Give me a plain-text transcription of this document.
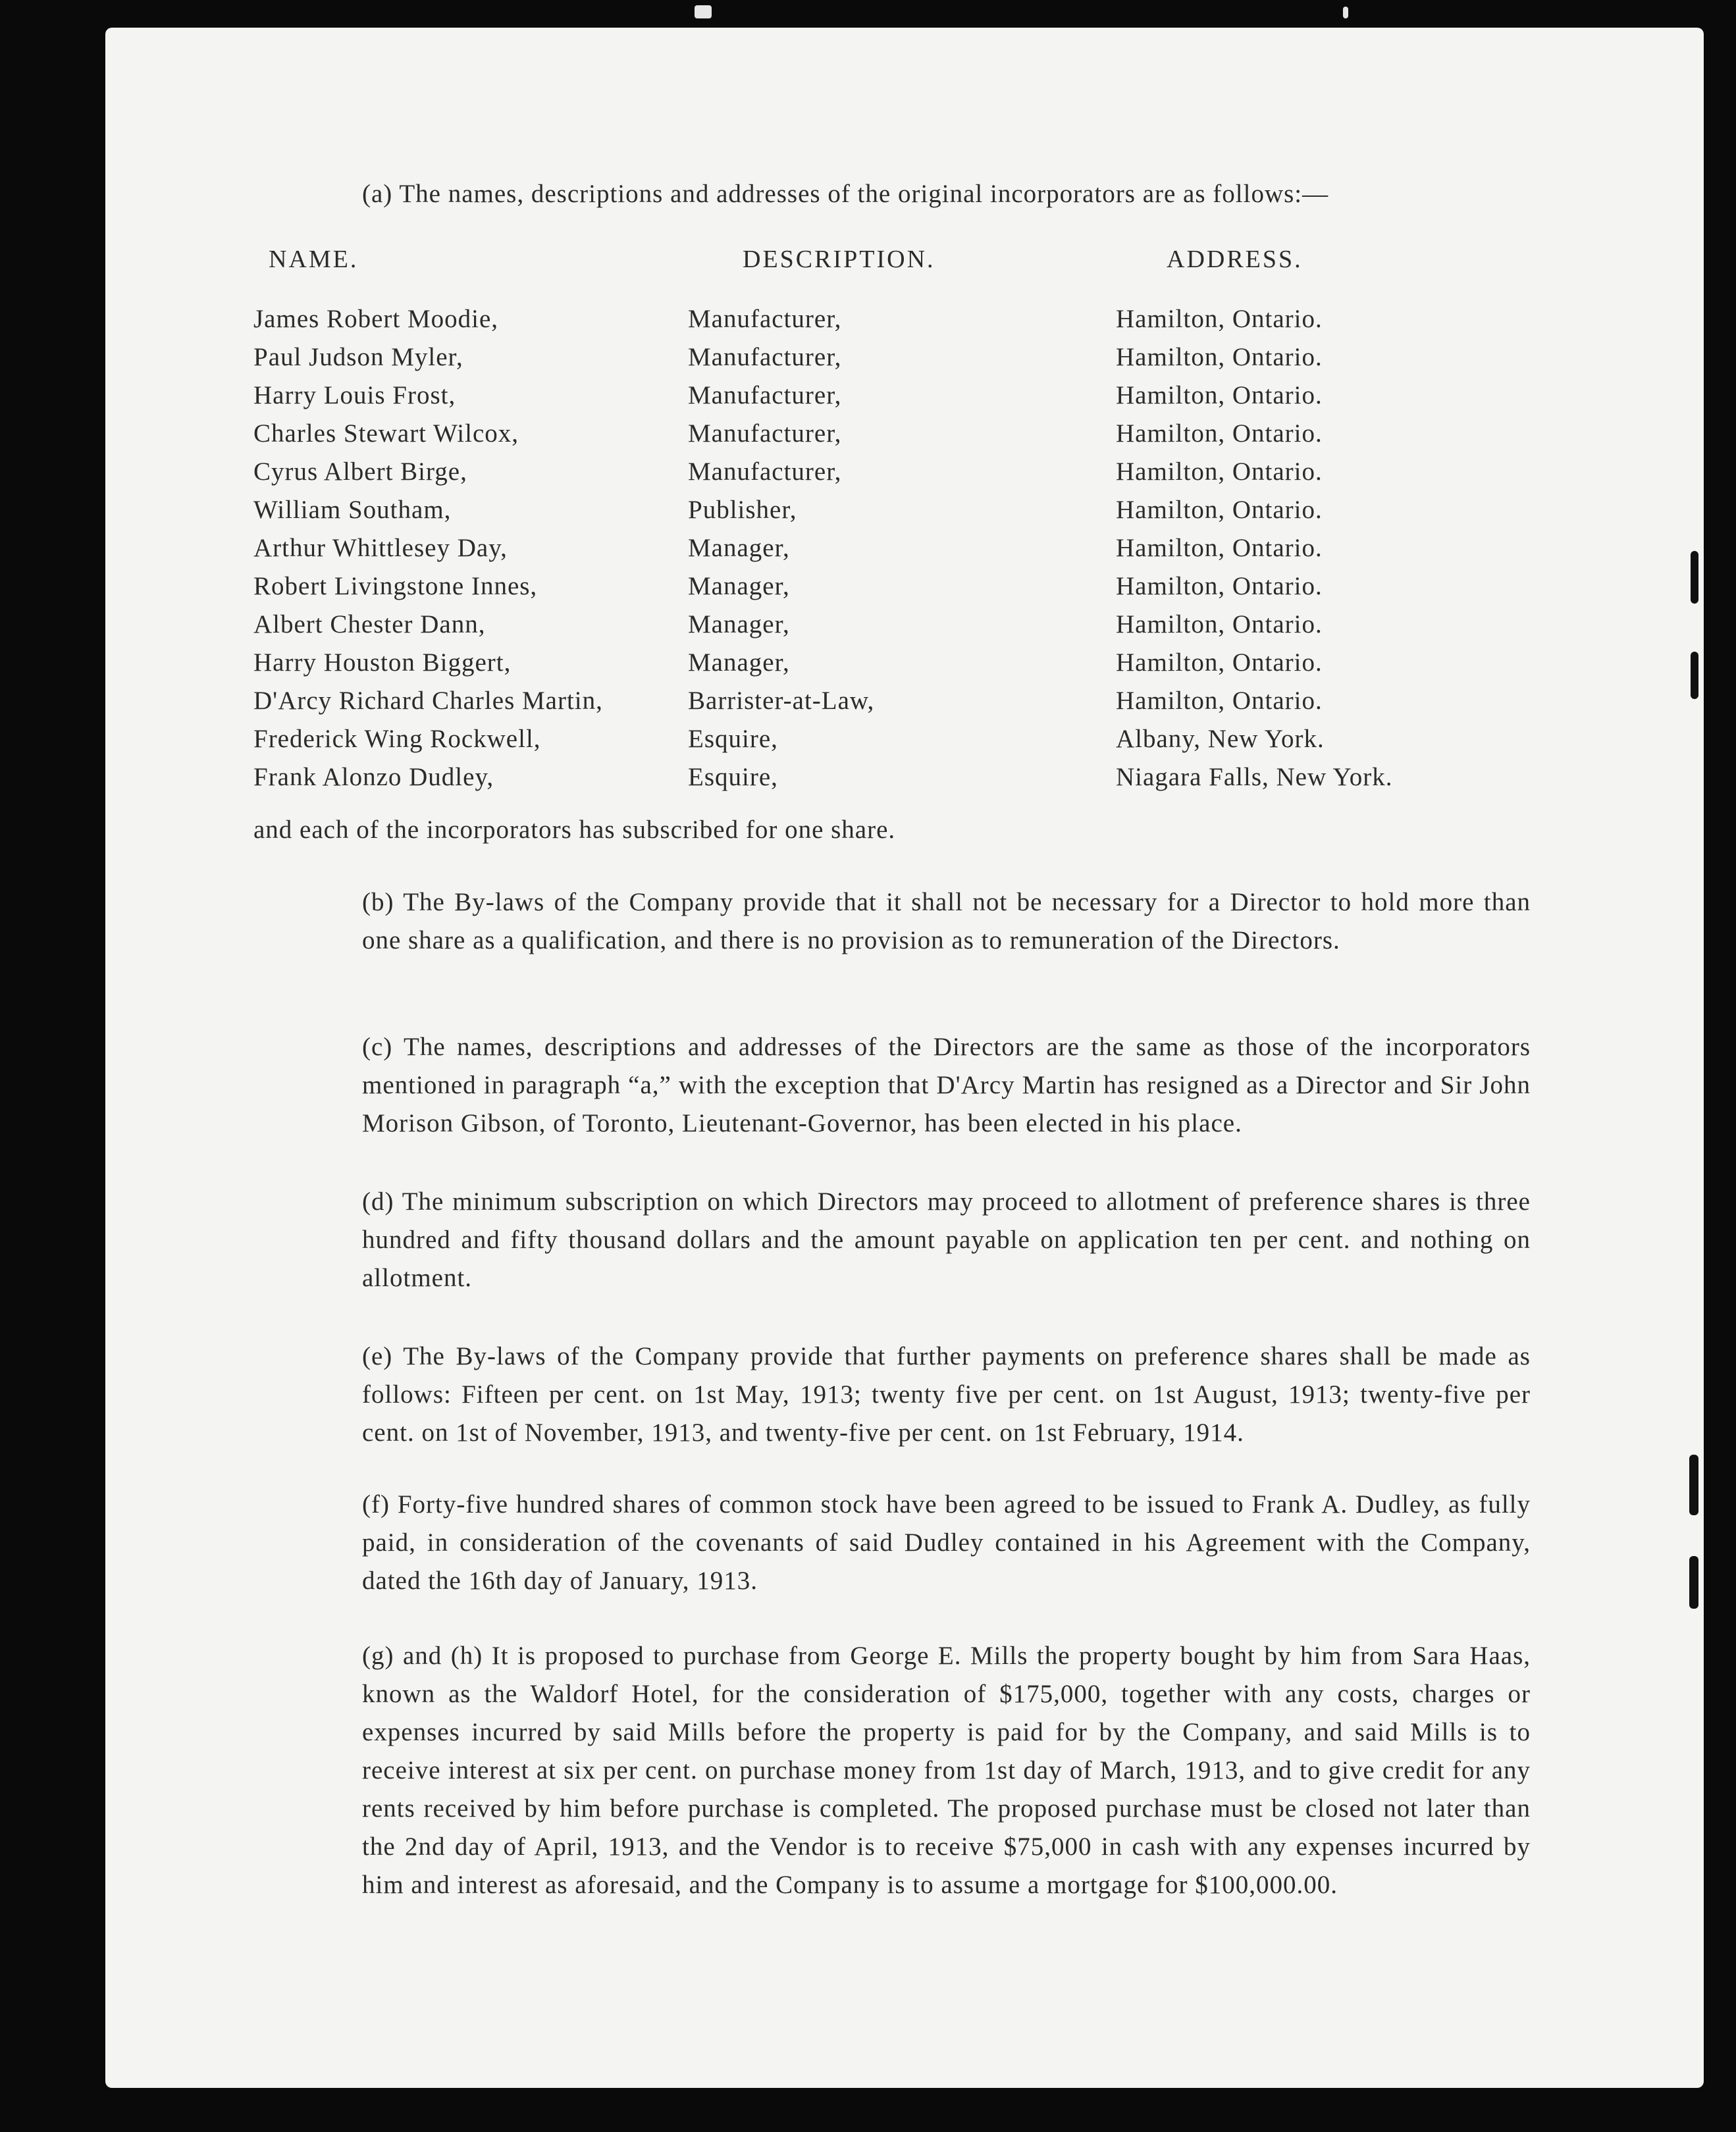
(a) The names, descriptions and addresses of the original incorporators are as follows:—
NAME.	DESCRIPTION.	ADDRESS.
James Robert Moodie,	Manufacturer,	Hamilton, Ontario.
Paul Judson Myler,	Manufacturer,	Hamilton, Ontario.
Harry Louis Frost,	Manufacturer,	Hamilton, Ontario.
Charles Stewart Wilcox,	Manufacturer,	Hamilton, Ontario.
Cyrus Albert Birge,	Manufacturer,	Hamilton, Ontario.
William Southam,	Publisher,	Hamilton, Ontario.
Arthur Whittlesey Day,	Manager,	Hamilton, Ontario.
Robert Livingstone Innes,	Manager,	Hamilton, Ontario.
Albert Chester Dann,	Manager,	Hamilton, Ontario.
Harry Houston Biggert,	Manager,	Hamilton, Ontario.
D'Arcy Richard Charles Martin,	Barrister-at-Law,	Hamilton, Ontario.
Frederick Wing Rockwell,	Esquire,	Albany, New York.
Frank Alonzo Dudley,	Esquire,	Niagara Falls, New York.
and each of the incorporators has subscribed for one share.
(b) The By-laws of the Company provide that it shall not be necessary for a Director to hold more than one share as a qualification, and there is no provision as to remuneration of the Directors.
(c) The names, descriptions and addresses of the Directors are the same as those of the incorporators mentioned in paragraph “a,” with the exception that D'Arcy Martin has resigned as a Director and Sir John Morison Gibson, of Toronto, Lieutenant-Governor, has been elected in his place.
(d) The minimum subscription on which Directors may proceed to allotment of preference shares is three hundred and fifty thousand dollars and the amount payable on application ten per cent. and nothing on allotment.
(e) The By-laws of the Company provide that further payments on preference shares shall be made as follows: Fifteen per cent. on 1st May, 1913; twenty five per cent. on 1st August, 1913; twenty-five per cent. on 1st of November, 1913, and twenty-five per cent. on 1st February, 1914.
(f) Forty-five hundred shares of common stock have been agreed to be issued to Frank A. Dudley, as fully paid, in consideration of the covenants of said Dudley contained in his Agreement with the Company, dated the 16th day of January, 1913.
(g) and (h) It is proposed to purchase from George E. Mills the property bought by him from Sara Haas, known as the Waldorf Hotel, for the consideration of $175,000, together with any costs, charges or expenses incurred by said Mills before the property is paid for by the Company, and said Mills is to receive interest at six per cent. on purchase money from 1st day of March, 1913, and to give credit for any rents received by him before purchase is completed. The proposed purchase must be closed not later than the 2nd day of April, 1913, and the Vendor is to receive $75,000 in cash with any expenses incurred by him and interest as aforesaid, and the Company is to assume a mortgage for $100,000.00.
